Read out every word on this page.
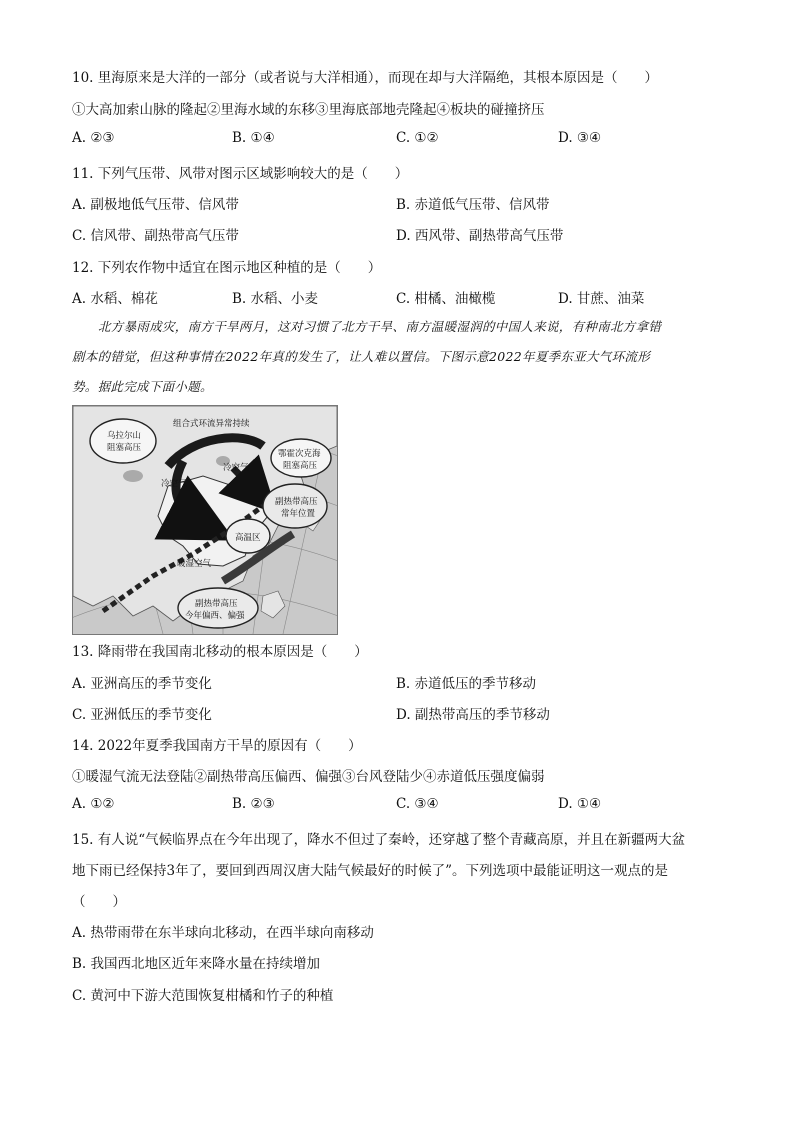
10. 里海原来是大洋的一部分（或者说与大洋相通），而现在却与大洋隔绝，其根本原因是（　　）
①大高加索山脉的隆起②里海水域的东移③里海底部地壳隆起④板块的碰撞挤压
A. ②③	B. ①④	C. ①②	D. ③④
11. 下列气压带、风带对图示区域影响较大的是（　　）
A. 副极地低气压带、信风带	B. 赤道低气压带、信风带
C. 信风带、副热带高气压带	D. 西风带、副热带高气压带
12. 下列农作物中适宜在图示地区种植的是（　　）
A. 水稻、棉花	B. 水稻、小麦	C. 柑橘、油橄榄	D. 甘蔗、油菜

北方暴雨成灾，南方干旱两月，这对习惯了北方干旱、南方温暖湿润的中国人来说，有种南北方拿错

剧本的错觉，但这种事情在2022年真的发生了，让人难以置信。下图示意2022年夏季东亚大气环流形

势。据此完成下面小题。

组合式环流异常持续
乌拉尔山
阻塞高压
鄂霍次克海
阻塞高压
冷空气
冷空气
副热带高压
常年位置
高温区
暖湿空气
副热带高压
今年偏西、偏强
13. 降雨带在我国南北移动的根本原因是（　　）
A. 亚洲高压的季节变化	B. 赤道低压的季节移动
C. 亚洲低压的季节变化	D. 副热带高压的季节移动
14. 2022年夏季我国南方干旱的原因有（　　）
①暖湿气流无法登陆②副热带高压偏西、偏强③台风登陆少④赤道低压强度偏弱
A. ①②	B. ②③	C. ③④	D. ①④
15. 有人说“气候临界点在今年出现了，降水不但过了秦岭，还穿越了整个青藏高原，并且在新疆两大盆
地下雨已经保持3年了，要回到西周汉唐大陆气候最好的时候了”。下列选项中最能证明这一观点的是
（　　）
A. 热带雨带在东半球向北移动，在西半球向南移动
B. 我国西北地区近年来降水量在持续增加
C. 黄河中下游大范围恢复柑橘和竹子的种植
